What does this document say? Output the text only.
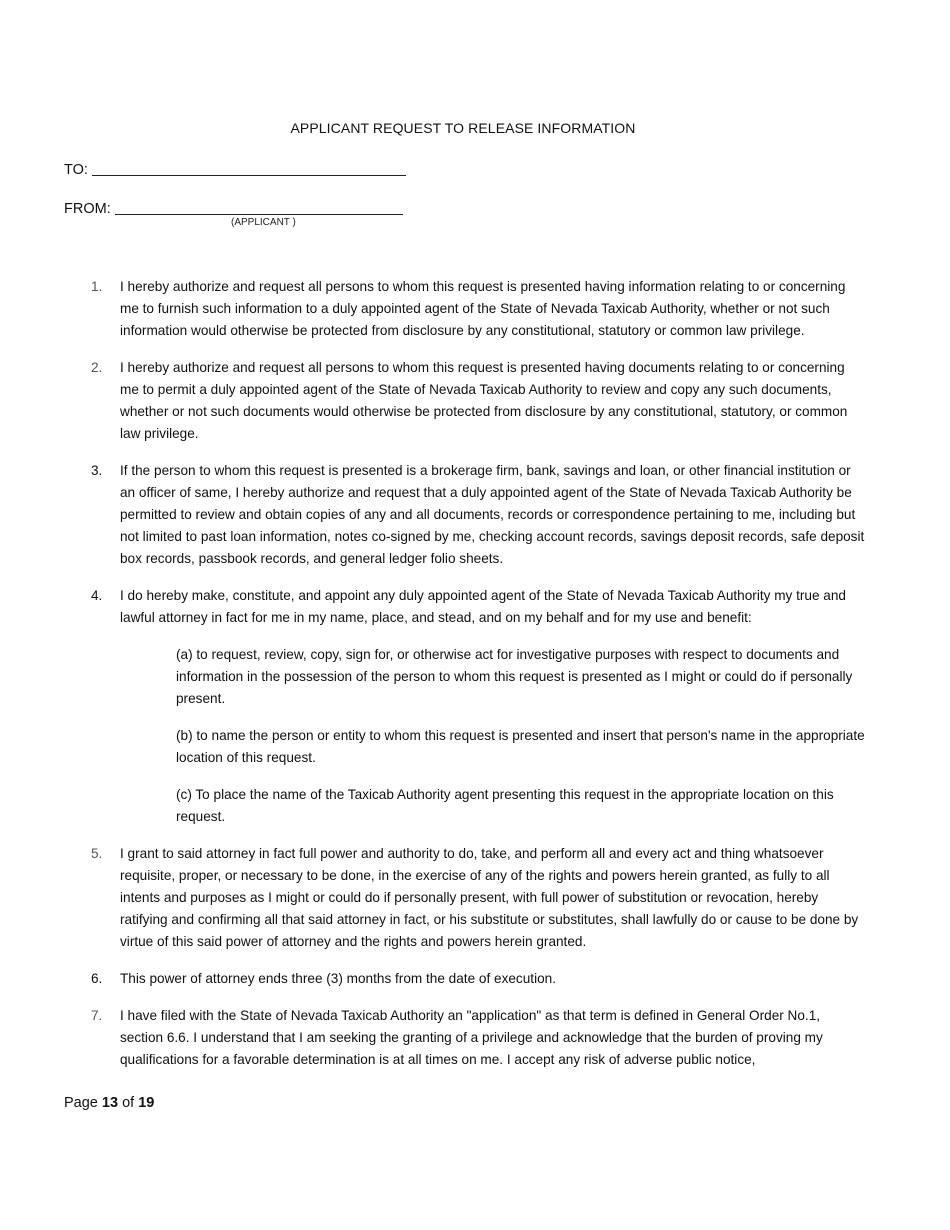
APPLICANT REQUEST TO RELEASE INFORMATION
TO:
FROM:
(APPLICANT )
1.	I hereby authorize and request all persons to whom this request is presented having information relating to or concerning me to furnish such information to a duly appointed agent of the State of Nevada Taxicab Authority, whether or not such information would otherwise be protected from disclosure by any constitutional, statutory or common law privilege.
2.	I hereby authorize and request all persons to whom this request is presented having documents relating to or concerning me to permit a duly appointed agent of the State of Nevada Taxicab Authority to review and copy any such documents, whether or not such documents would otherwise be protected from disclosure by any constitutional, statutory, or common law privilege.
3.	If the person to whom this request is presented is a brokerage firm, bank, savings and loan, or other financial institution or an officer of same, I hereby authorize and request that a duly appointed agent of the State of Nevada Taxicab Authority be permitted to review and obtain copies of any and all documents, records or correspondence pertaining to me, including but not limited to past loan information, notes co-signed by me, checking account records, savings deposit records, safe deposit box records, passbook records, and general ledger folio sheets.
4.	I do hereby make, constitute, and appoint any duly appointed agent of the State of Nevada Taxicab Authority my true and lawful attorney in fact for me in my name, place, and stead, and on my behalf and for my use and benefit:
(a) to request, review, copy, sign for, or otherwise act for investigative purposes with respect to documents and information in the possession of the person to whom this request is presented as I might or could do if personally present.
(b) to name the person or entity to whom this request is presented and insert that person's name in the appropriate location of this request.
(c) To place the name of the Taxicab Authority agent presenting this request in the appropriate location on this request.
5.	I grant to said attorney in fact full power and authority to do, take, and perform all and every act and thing whatsoever requisite, proper, or necessary to be done, in the exercise of any of the rights and powers herein granted, as fully to all intents and purposes as I might or could do if personally present, with full power of substitution or revocation, hereby ratifying and confirming all that said attorney in fact, or his substitute or substitutes, shall lawfully do or cause to be done by virtue of this said power of attorney and the rights and powers herein granted.
6.	This power of attorney ends three (3) months from the date of execution.
7.	I have filed with the State of Nevada Taxicab Authority an "application" as that term is defined in General Order No.1, section 6.6. I understand that I am seeking the granting of a privilege and acknowledge that the burden of proving my qualifications for a favorable determination is at all times on me. I accept any risk of adverse public notice,
Page 13 of 19
